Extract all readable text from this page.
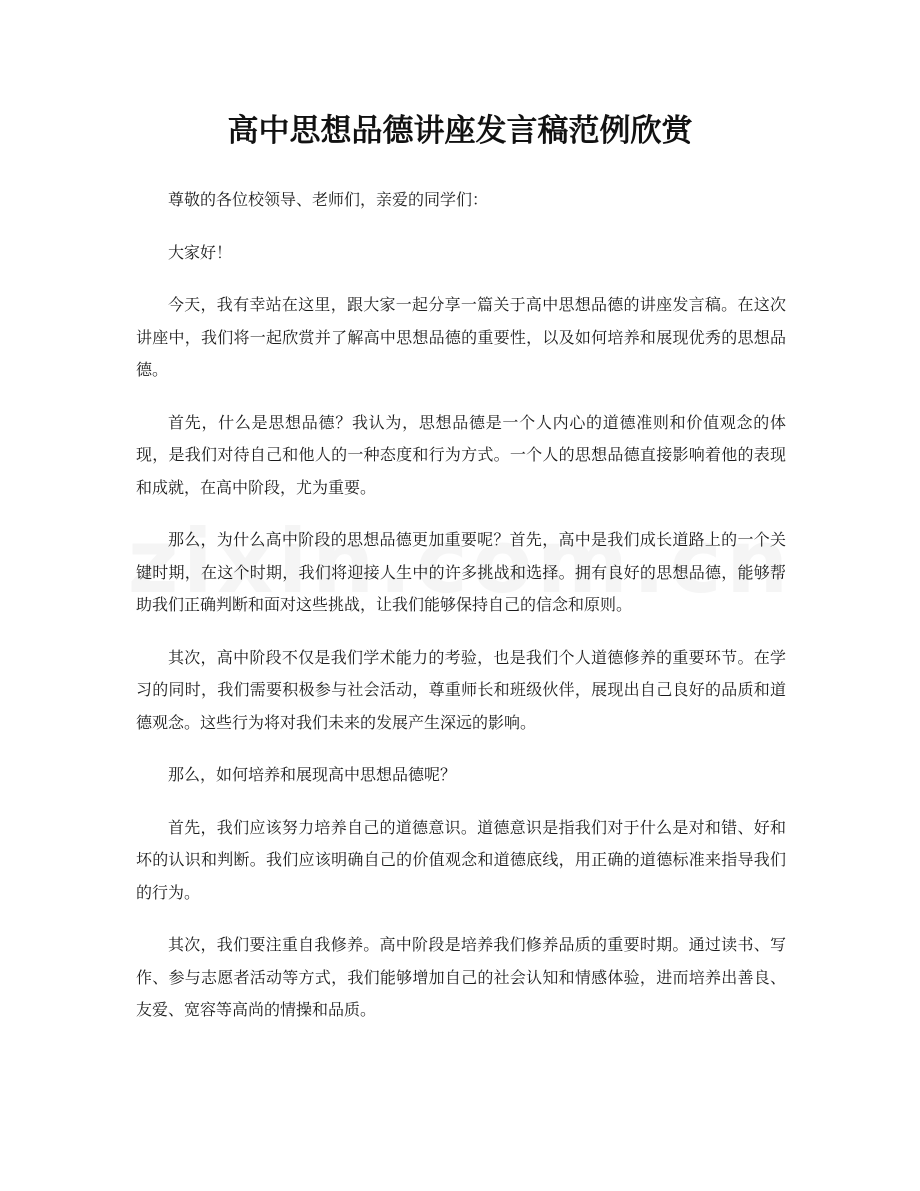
高中思想品德讲座发言稿范例欣赏

尊敬的各位校领导、老师们，亲爱的同学们：

大家好！

今天，我有幸站在这里，跟大家一起分享一篇关于高中思想品德的讲座发言稿。在这次讲座中，我们将一起欣赏并了解高中思想品德的重要性，以及如何培养和展现优秀的思想品德。

首先，什么是思想品德？我认为，思想品德是一个人内心的道德准则和价值观念的体现，是我们对待自己和他人的一种态度和行为方式。一个人的思想品德直接影响着他的表现和成就，在高中阶段，尤为重要。

那么，为什么高中阶段的思想品德更加重要呢？首先，高中是我们成长道路上的一个关键时期，在这个时期，我们将迎接人生中的许多挑战和选择。拥有良好的思想品德，能够帮助我们正确判断和面对这些挑战，让我们能够保持自己的信念和原则。

其次，高中阶段不仅是我们学术能力的考验，也是我们个人道德修养的重要环节。在学习的同时，我们需要积极参与社会活动，尊重师长和班级伙伴，展现出自己良好的品质和道德观念。这些行为将对我们未来的发展产生深远的影响。

那么，如何培养和展现高中思想品德呢？

首先，我们应该努力培养自己的道德意识。道德意识是指我们对于什么是对和错、好和坏的认识和判断。我们应该明确自己的价值观念和道德底线，用正确的道德标准来指导我们的行为。

其次，我们要注重自我修养。高中阶段是培养我们修养品质的重要时期。通过读书、写作、参与志愿者活动等方式，我们能够增加自己的社会认知和情感体验，进而培养出善良、友爱、宽容等高尚的情操和品质。
